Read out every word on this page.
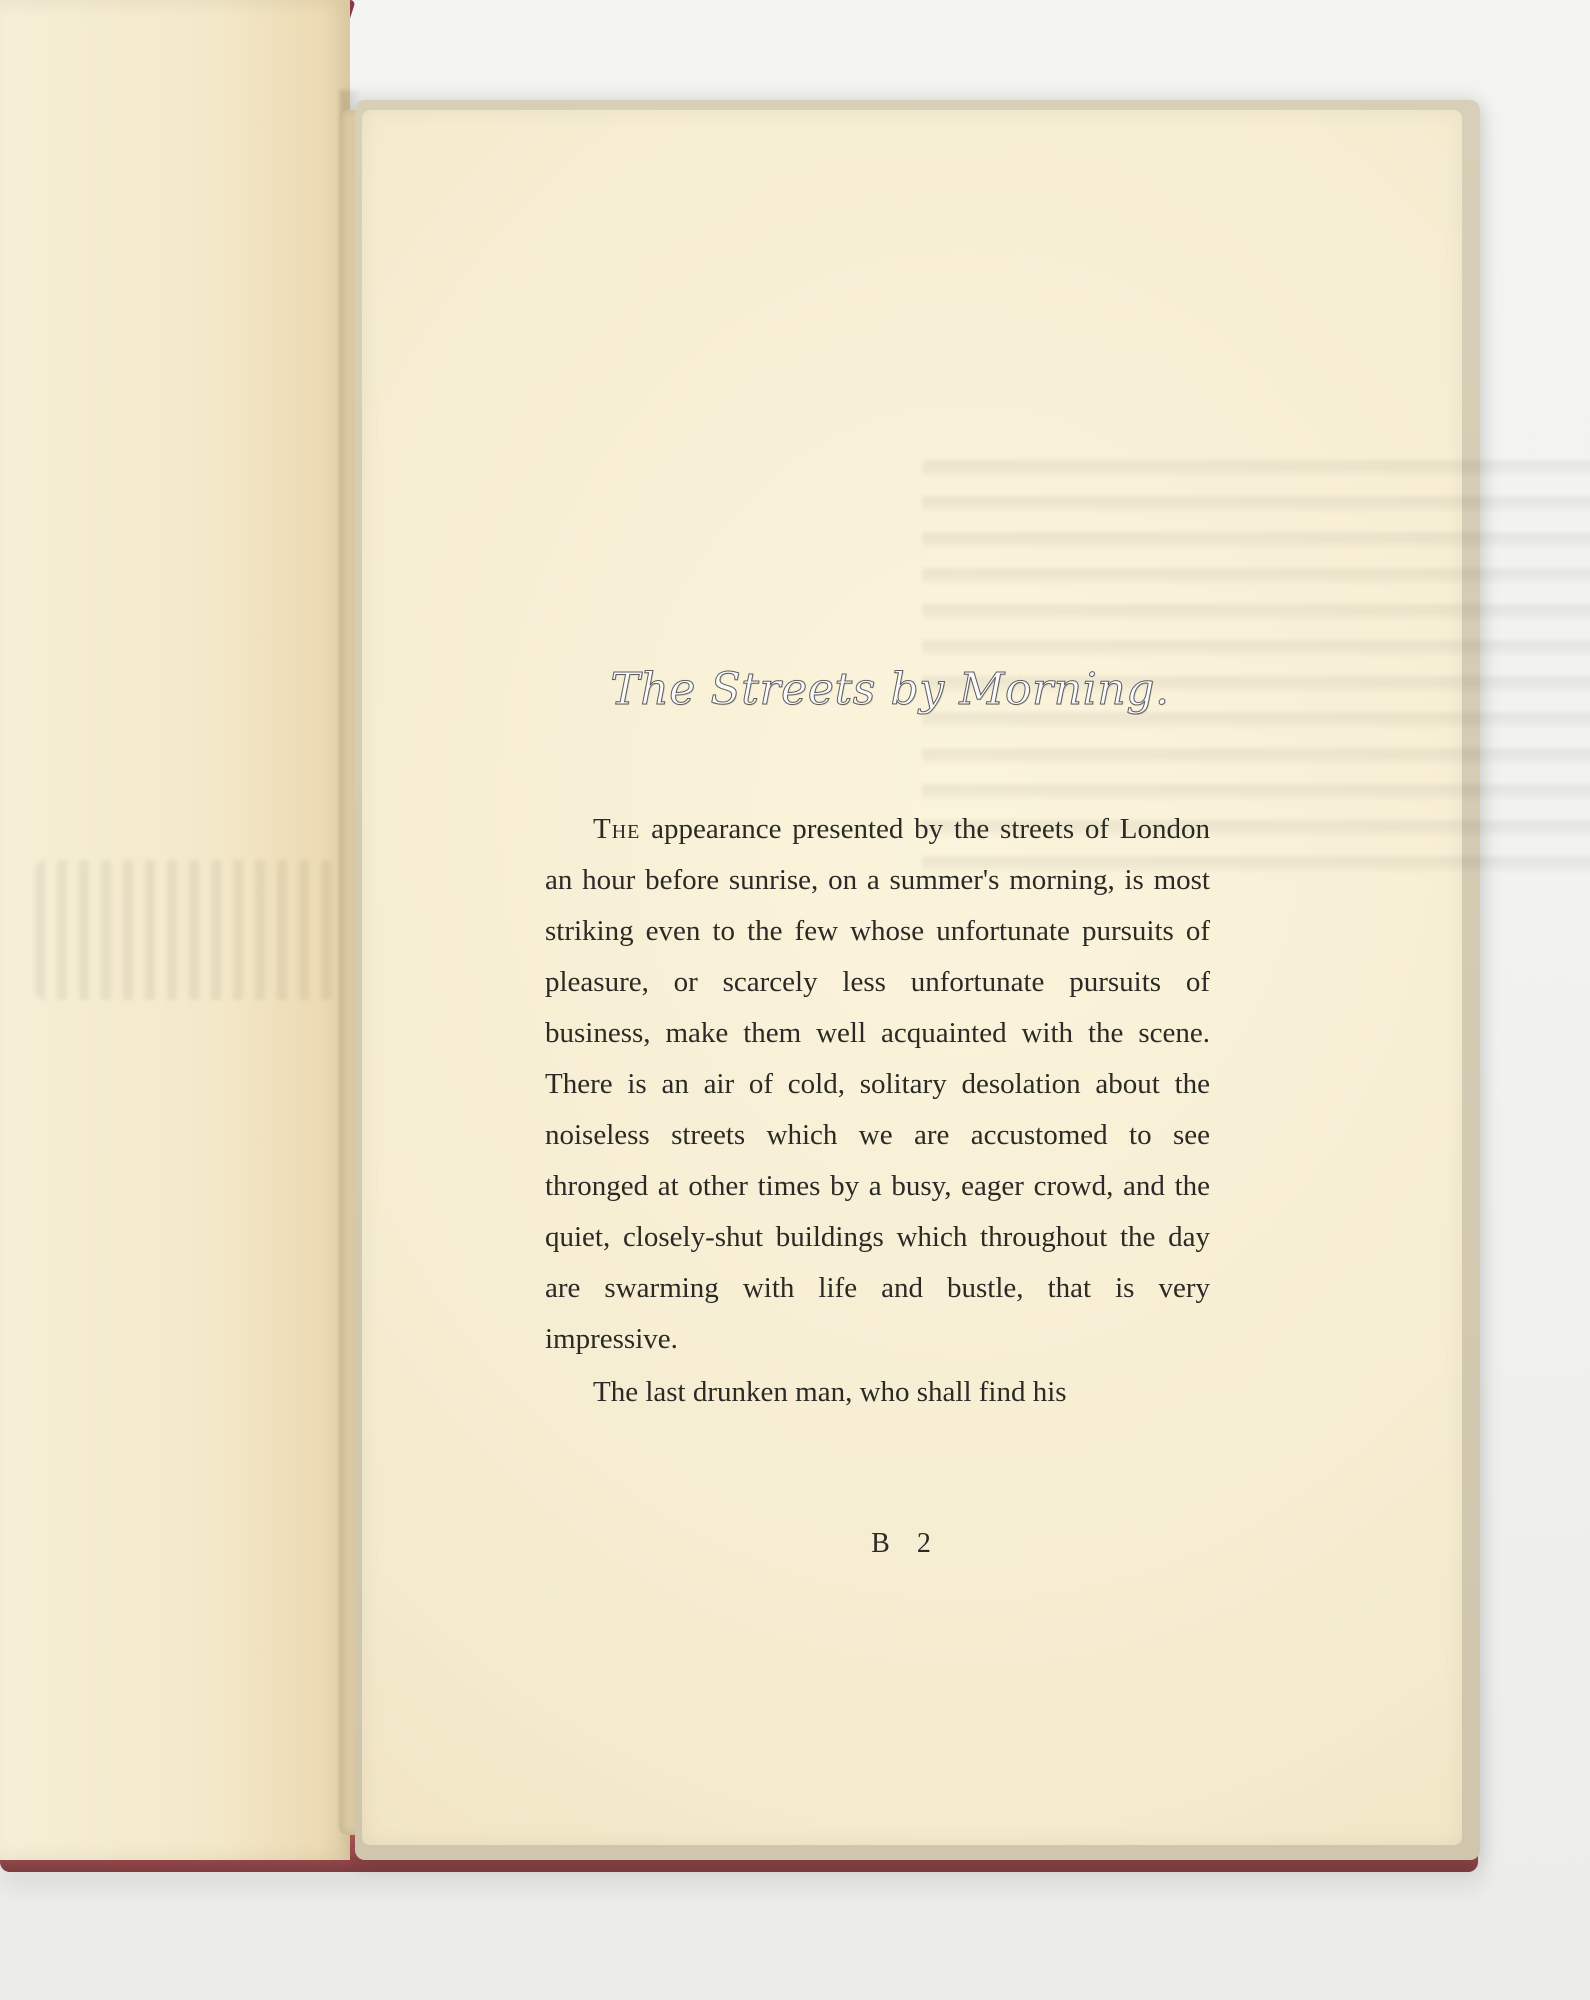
The Streets by Morning.

The appearance presented by the streets of London an hour before sunrise, on a summer's morning, is most striking even to the few whose unfortunate pursuits of pleasure, or scarcely less unfortunate pursuits of business, make them well acquainted with the scene. There is an air of cold, solitary desolation about the noiseless streets which we are accustomed to see thronged at other times by a busy, eager crowd, and the quiet, closely-shut buildings which throughout the day are swarming with life and bustle, that is very impressive.

The last drunken man, who shall find his

B 2
